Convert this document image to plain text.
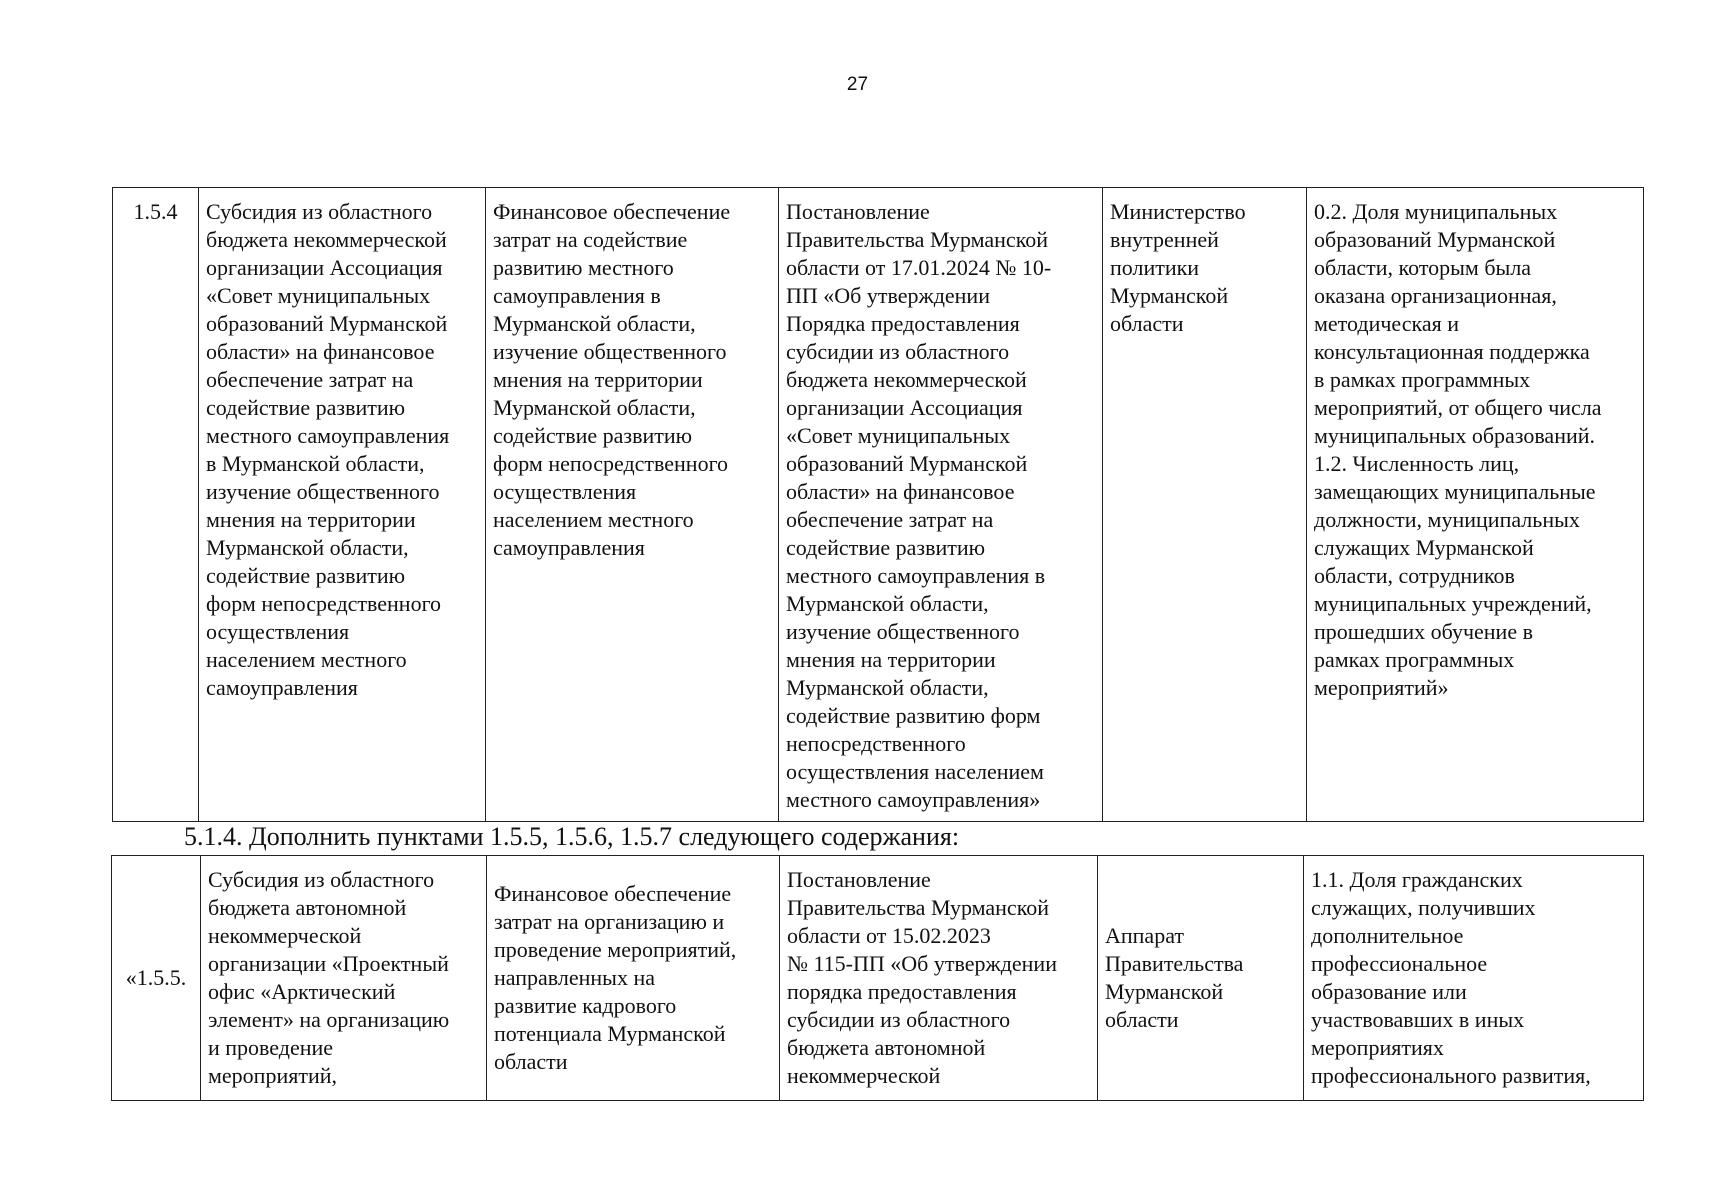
27
1.5.4	Субсидия из областного
бюджета некоммерческой
организации Ассоциация
«Совет муниципальных
образований Мурманской
области» на финансовое
обеспечение затрат на
содействие развитию
местного самоуправления
в Мурманской области,
изучение общественного
мнения на территории
Мурманской области,
содействие развитию
форм непосредственного
осуществления
населением местного
самоуправления	Финансовое обеспечение
затрат на содействие
развитию местного
самоуправления в
Мурманской области,
изучение общественного
мнения на территории
Мурманской области,
содействие развитию
форм непосредственного
осуществления
населением местного
самоуправления	Постановление
Правительства Мурманской
области от 17.01.2024 № 10-
ПП «Об утверждении
Порядка предоставления
субсидии из областного
бюджета некоммерческой
организации Ассоциация
«Совет муниципальных
образований Мурманской
области» на финансовое
обеспечение затрат на
содействие развитию
местного самоуправления в
Мурманской области,
изучение общественного
мнения на территории
Мурманской области,
содействие развитию форм
непосредственного
осуществления населением
местного самоуправления»	Министерство
внутренней
политики
Мурманской
области	0.2. Доля муниципальных
образований Мурманской
области, которым была
оказана организационная,
методическая и
консультационная поддержка
в рамках программных
мероприятий, от общего числа
муниципальных образований.
1.2. Численность лиц,
замещающих муниципальные
должности, муниципальных
служащих Мурманской
области, сотрудников
муниципальных учреждений,
прошедших обучение в
рамках программных
мероприятий»
5.1.4. Дополнить пунктами 1.5.5, 1.5.6, 1.5.7 следующего содержания:
«1.5.5.	Субсидия из областного
бюджета автономной
некоммерческой
организации «Проектный
офис «Арктический
элемент» на организацию
и проведение
мероприятий,	Финансовое обеспечение
затрат на организацию и
проведение мероприятий,
направленных на
развитие кадрового
потенциала Мурманской
области	Постановление
Правительства Мурманской
области от 15.02.2023
№ 115-ПП «Об утверждении
порядка предоставления
субсидии из областного
бюджета автономной
некоммерческой	Аппарат
Правительства
Мурманской
области	1.1. Доля гражданских
служащих, получивших
дополнительное
профессиональное
образование или
участвовавших в иных
мероприятиях
профессионального развития,
